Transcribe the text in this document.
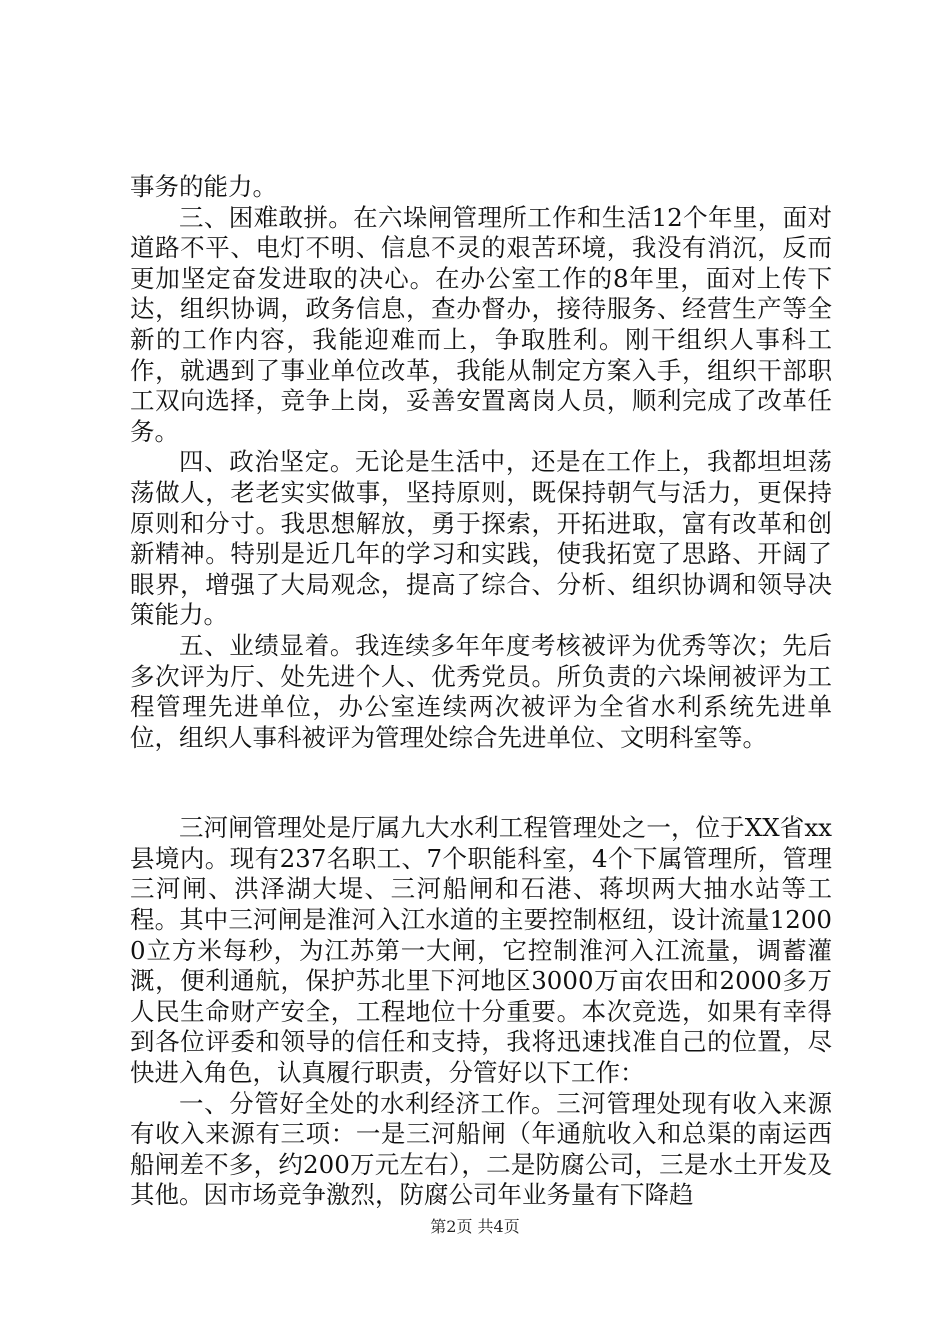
事务的能力。

三、困难敢拼。在六垛闸管理所工作和生活12个年里，面对道路不平、电灯不明、信息不灵的艰苦环境，我没有消沉，反而更加坚定奋发进取的决心。在办公室工作的8年里，面对上传下达，组织协调，政务信息，查办督办，接待服务、经营生产等全新的工作内容，我能迎难而上，争取胜利。刚干组织人事科工作，就遇到了事业单位改革，我能从制定方案入手，组织干部职工双向选择，竞争上岗，妥善安置离岗人员，顺利完成了改革任务。

四、政治坚定。无论是生活中，还是在工作上，我都坦坦荡荡做人，老老实实做事，坚持原则，既保持朝气与活力，更保持原则和分寸。我思想解放，勇于探索，开拓进取，富有改革和创新精神。特别是近几年的学习和实践，使我拓宽了思路、开阔了眼界，增强了大局观念，提高了综合、分析、组织协调和领导决策能力。

五、业绩显着。我连续多年年度考核被评为优秀等次；先后多次评为厅、处先进个人、优秀党员。所负责的六垛闸被评为工程管理先进单位，办公室连续两次被评为全省水利系统先进单位，组织人事科被评为管理处综合先进单位、文明科室等。

三河闸管理处是厅属九大水利工程管理处之一，位于XX省xx县境内。现有237名职工、7个职能科室，4个下属管理所，管理三河闸、洪泽湖大堤、三河船闸和石港、蒋坝两大抽水站等工程。其中三河闸是淮河入江水道的主要控制枢纽，设计流量12000立方米每秒，为江苏第一大闸，它控制淮河入江流量，调蓄灌溉，便利通航，保护苏北里下河地区3000万亩农田和2000多万人民生命财产安全，工程地位十分重要。本次竞选，如果有幸得到各位评委和领导的信任和支持，我将迅速找准自己的位置，尽快进入角色，认真履行职责，分管好以下工作：

一、分管好全处的水利经济工作。三河管理处现有收入来源有收入来源有三项：一是三河船闸（年通航收入和总渠的南运西船闸差不多，约200万元左右），二是防腐公司，三是水土开发及其他。因市场竞争激烈，防腐公司年业务量有下降趋

第2页 共4页
